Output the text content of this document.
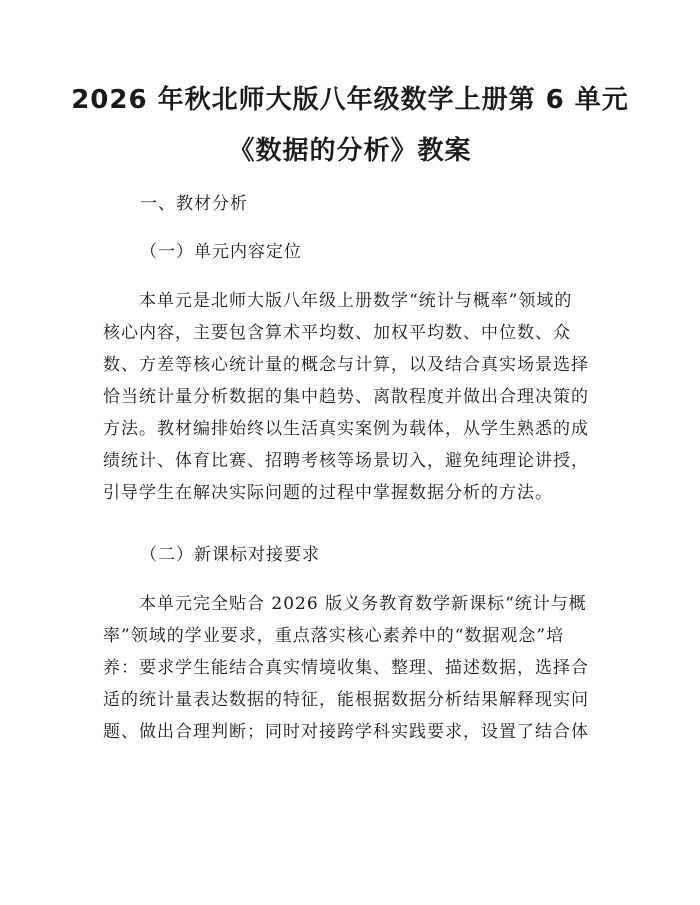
2026 年秋北师大版八年级数学上册第 6 单元
《数据的分析》教案
一、教材分析
（一）单元内容定位
本单元是北师大版八年级上册数学“统计与概率”领域的
核心内容，主要包含算术平均数、加权平均数、中位数、众
数、方差等核心统计量的概念与计算，以及结合真实场景选择
恰当统计量分析数据的集中趋势、离散程度并做出合理决策的
方法。教材编排始终以生活真实案例为载体，从学生熟悉的成
绩统计、体育比赛、招聘考核等场景切入，避免纯理论讲授，
引导学生在解决实际问题的过程中掌握数据分析的方法。
（二）新课标对接要求
本单元完全贴合 2026 版义务教育数学新课标“统计与概
率”领域的学业要求，重点落实核心素养中的“数据观念”培
养：要求学生能结合真实情境收集、整理、描述数据，选择合
适的统计量表达数据的特征，能根据数据分析结果解释现实问
题、做出合理判断；同时对接跨学科实践要求，设置了结合体
